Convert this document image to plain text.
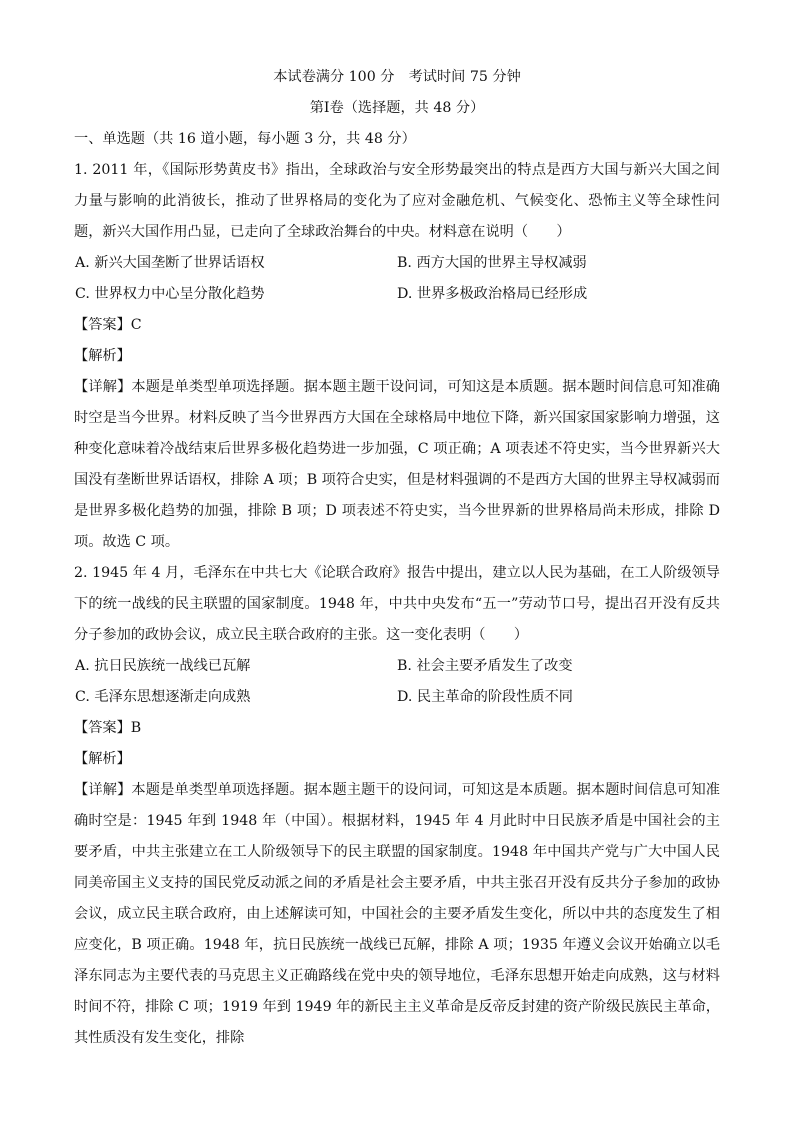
本试卷满分 100 分　考试时间 75 分钟
第Ⅰ卷（选择题，共 48 分）
一、单选题（共 16 道小题，每小题 3 分，共 48 分）
1. 2011 年，《国际形势黄皮书》指出，全球政治与安全形势最突出的特点是西方大国与新兴大国之间力量与影响的此消彼长，推动了世界格局的变化为了应对金融危机、气候变化、恐怖主义等全球性问题，新兴大国作用凸显，已走向了全球政治舞台的中央。材料意在说明（　　）
A. 新兴大国垄断了世界话语权	B. 西方大国的世界主导权减弱
C. 世界权力中心呈分散化趋势	D. 世界多极政治格局已经形成
【答案】C
【解析】
【详解】本题是单类型单项选择题。据本题主题干设问词，可知这是本质题。据本题时间信息可知准确时空是当今世界。材料反映了当今世界西方大国在全球格局中地位下降，新兴国家国家影响力增强，这种变化意味着冷战结束后世界多极化趋势进一步加强，C 项正确；A 项表述不符史实，当今世界新兴大国没有垄断世界话语权，排除 A 项；B 项符合史实，但是材料强调的不是西方大国的世界主导权减弱而是世界多极化趋势的加强，排除 B 项；D 项表述不符史实，当今世界新的世界格局尚未形成，排除 D 项。故选 C 项。
2. 1945 年 4 月，毛泽东在中共七大《论联合政府》报告中提出，建立以人民为基础，在工人阶级领导下的统一战线的民主联盟的国家制度。1948 年，中共中央发布“五一”劳动节口号，提出召开没有反共分子参加的政协会议，成立民主联合政府的主张。这一变化表明（　　）
A. 抗日民族统一战线已瓦解	B. 社会主要矛盾发生了改变
C. 毛泽东思想逐渐走向成熟	D. 民主革命的阶段性质不同
【答案】B
【解析】
【详解】本题是单类型单项选择题。据本题主题干的设问词，可知这是本质题。据本题时间信息可知准确时空是：1945 年到 1948 年（中国）。根据材料，1945 年 4 月此时中日民族矛盾是中国社会的主要矛盾，中共主张建立在工人阶级领导下的民主联盟的国家制度。1948 年中国共产党与广大中国人民同美帝国主义支持的国民党反动派之间的矛盾是社会主要矛盾，中共主张召开没有反共分子参加的政协会议，成立民主联合政府，由上述解读可知，中国社会的主要矛盾发生变化，所以中共的态度发生了相应变化，B 项正确。1948 年，抗日民族统一战线已瓦解，排除 A 项；1935 年遵义会议开始确立以毛泽东同志为主要代表的马克思主义正确路线在党中央的领导地位，毛泽东思想开始走向成熟，这与材料时间不符，排除 C 项；1919 年到 1949 年的新民主主义革命是反帝反封建的资产阶级民族民主革命，其性质没有发生变化，排除
